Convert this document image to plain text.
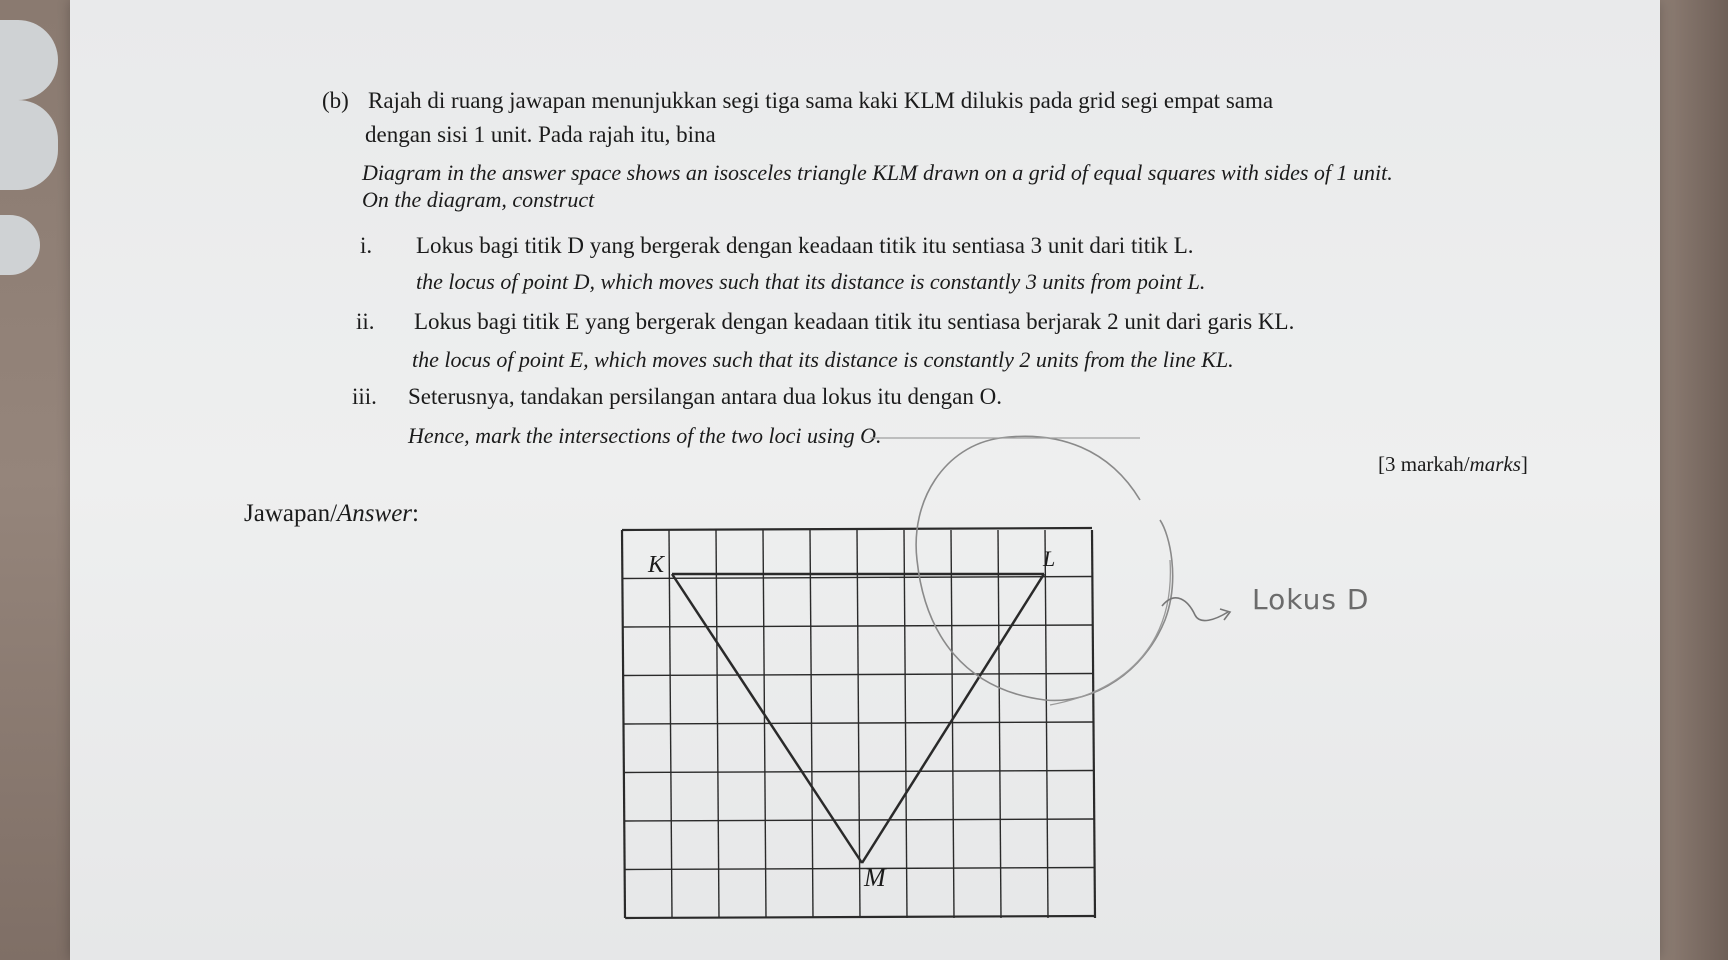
(b) Rajah di ruang jawapan menunjukkan segi tiga sama kaki KLM dilukis pada grid segi empat sama
dengan sisi 1 unit. Pada rajah itu, bina
Diagram in the answer space shows an isosceles triangle KLM drawn on a grid of equal squares with sides of 1 unit.
On the diagram, construct
i. Lokus bagi titik D yang bergerak dengan keadaan titik itu sentiasa 3 unit dari titik L.
the locus of point D, which moves such that its distance is constantly 3 units from point L.
ii. Lokus bagi titik E yang bergerak dengan keadaan titik itu sentiasa berjarak 2 unit dari garis KL.
the locus of point E, which moves such that its distance is constantly 2 units from the line KL.
iii. Seterusnya, tandakan persilangan antara dua lokus itu dengan O.
Hence, mark the intersections of the two loci using O.
[3 markah/marks]
Jawapan/Answer:
K	L
M
Lokus D
